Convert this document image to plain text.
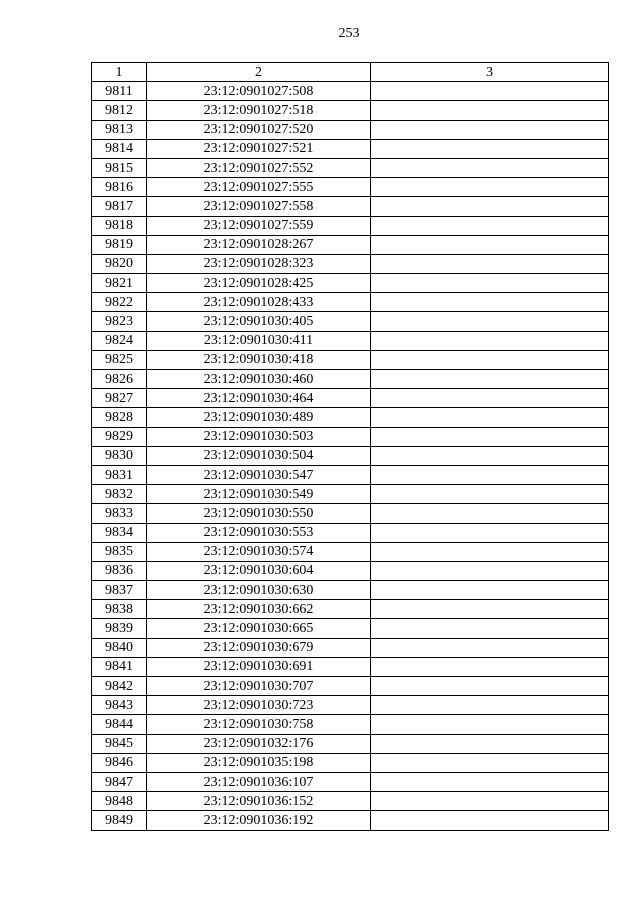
253
1	2	3
9811	23:12:0901027:508	
9812	23:12:0901027:518	
9813	23:12:0901027:520	
9814	23:12:0901027:521	
9815	23:12:0901027:552	
9816	23:12:0901027:555	
9817	23:12:0901027:558	
9818	23:12:0901027:559	
9819	23:12:0901028:267	
9820	23:12:0901028:323	
9821	23:12:0901028:425	
9822	23:12:0901028:433	
9823	23:12:0901030:405	
9824	23:12:0901030:411	
9825	23:12:0901030:418	
9826	23:12:0901030:460	
9827	23:12:0901030:464	
9828	23:12:0901030:489	
9829	23:12:0901030:503	
9830	23:12:0901030:504	
9831	23:12:0901030:547	
9832	23:12:0901030:549	
9833	23:12:0901030:550	
9834	23:12:0901030:553	
9835	23:12:0901030:574	
9836	23:12:0901030:604	
9837	23:12:0901030:630	
9838	23:12:0901030:662	
9839	23:12:0901030:665	
9840	23:12:0901030:679	
9841	23:12:0901030:691	
9842	23:12:0901030:707	
9843	23:12:0901030:723	
9844	23:12:0901030:758	
9845	23:12:0901032:176	
9846	23:12:0901035:198	
9847	23:12:0901036:107	
9848	23:12:0901036:152	
9849	23:12:0901036:192	
